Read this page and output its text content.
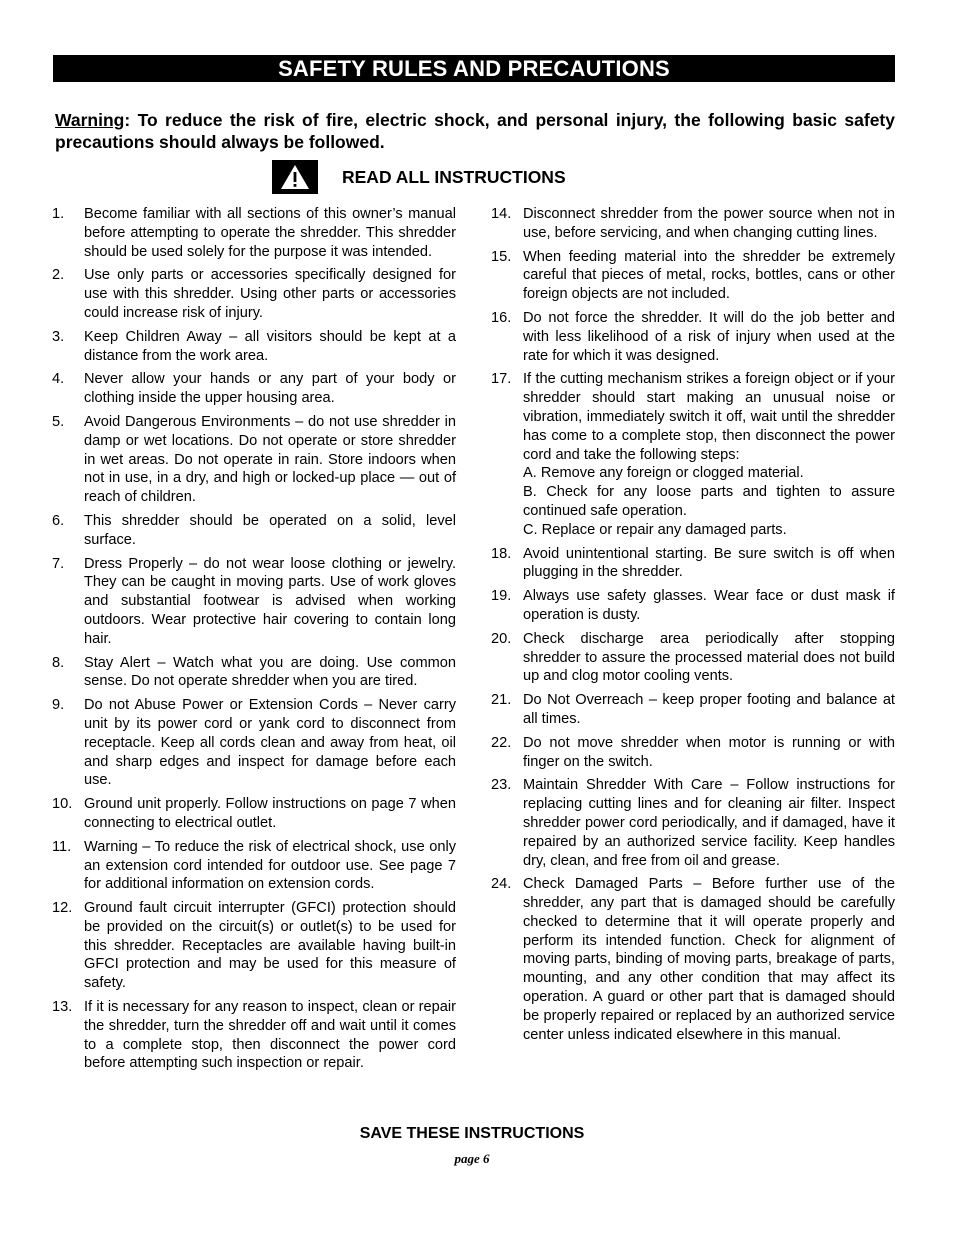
SAFETY RULES AND PRECAUTIONS
Warning: To reduce the risk of fire, electric shock, and personal injury, the following basic safety precautions should always be followed.
READ ALL INSTRUCTIONS
1.	Become familiar with all sections of this owner’s manual before attempting to operate the shredder. This shredder should be used solely for the purpose it was intended.
2.	Use only parts or accessories specifically designed for use with this shredder. Using other parts or accessories could increase risk of injury.
3.	Keep Children Away – all visitors should be kept at a distance from the work area.
4.	Never allow your hands or any part of your body or clothing inside the upper housing area.
5.	Avoid Dangerous Environments – do not use shredder in damp or wet locations. Do not operate or store shredder in wet areas. Do not operate in rain. Store indoors when not in use, in a dry, and high or locked-up place — out of reach of children.
6.	This shredder should be operated on a solid, level surface.
7.	Dress Properly – do not wear loose clothing or jewelry. They can be caught in moving parts. Use of work gloves and substantial footwear is advised when working outdoors. Wear protective hair covering to contain long hair.
8.	Stay Alert – Watch what you are doing. Use common sense. Do not operate shredder when you are tired.
9.	Do not Abuse Power or Extension Cords – Never carry unit by its power cord or yank cord to disconnect from receptacle. Keep all cords clean and away from heat, oil and sharp edges and inspect for damage before each use.
10. Ground unit properly. Follow instructions on page 7 when connecting to electrical outlet.
11. Warning – To reduce the risk of electrical shock, use only an extension cord intended for outdoor use. See page 7 for additional information on extension cords.
12. Ground fault circuit interrupter (GFCI) protection should be provided on the circuit(s) or outlet(s) to be used for this shredder. Receptacles are available having built-in GFCI protection and may be used for this measure of safety.
13. If it is necessary for any reason to inspect, clean or repair the shredder, turn the shredder off and wait until it comes to a complete stop, then disconnect the power cord before attempting such inspection or repair.
14. Disconnect shredder from the power source when not in use, before servicing, and when changing cutting lines.
15. When feeding material into the shredder be extremely careful that pieces of metal, rocks, bottles, cans or other foreign objects are not included.
16. Do not force the shredder. It will do the job better and with less likelihood of a risk of injury when used at the rate for which it was designed.
17. If the cutting mechanism strikes a foreign object or if your shredder should start making an unusual noise or vibration, immediately switch it off, wait until the shredder has come to a complete stop, then disconnect the power cord and take the following steps:
A. Remove any foreign or clogged material.
B. Check for any loose parts and tighten to assure continued safe operation.
C. Replace or repair any damaged parts.
18. Avoid unintentional starting. Be sure switch is off when plugging in the shredder.
19. Always use safety glasses. Wear face or dust mask if operation is dusty.
20. Check discharge area periodically after stopping shredder to assure the processed material does not build up and clog motor cooling vents.
21. Do Not Overreach – keep proper footing and balance at all times.
22. Do not move shredder when motor is running or with finger on the switch.
23. Maintain Shredder With Care – Follow instructions for replacing cutting lines and for cleaning air filter. Inspect shredder power cord periodically, and if damaged, have it repaired by an authorized service facility. Keep handles dry, clean, and free from oil and grease.
24. Check Damaged Parts – Before further use of the shredder, any part that is damaged should be carefully checked to determine that it will operate properly and perform its intended function. Check for alignment of moving parts, binding of moving parts, breakage of parts, mounting, and any other condition that may affect its operation. A guard or other part that is damaged should be properly repaired or replaced by an authorized service center unless indicated elsewhere in this manual.
SAVE THESE INSTRUCTIONS
page 6
